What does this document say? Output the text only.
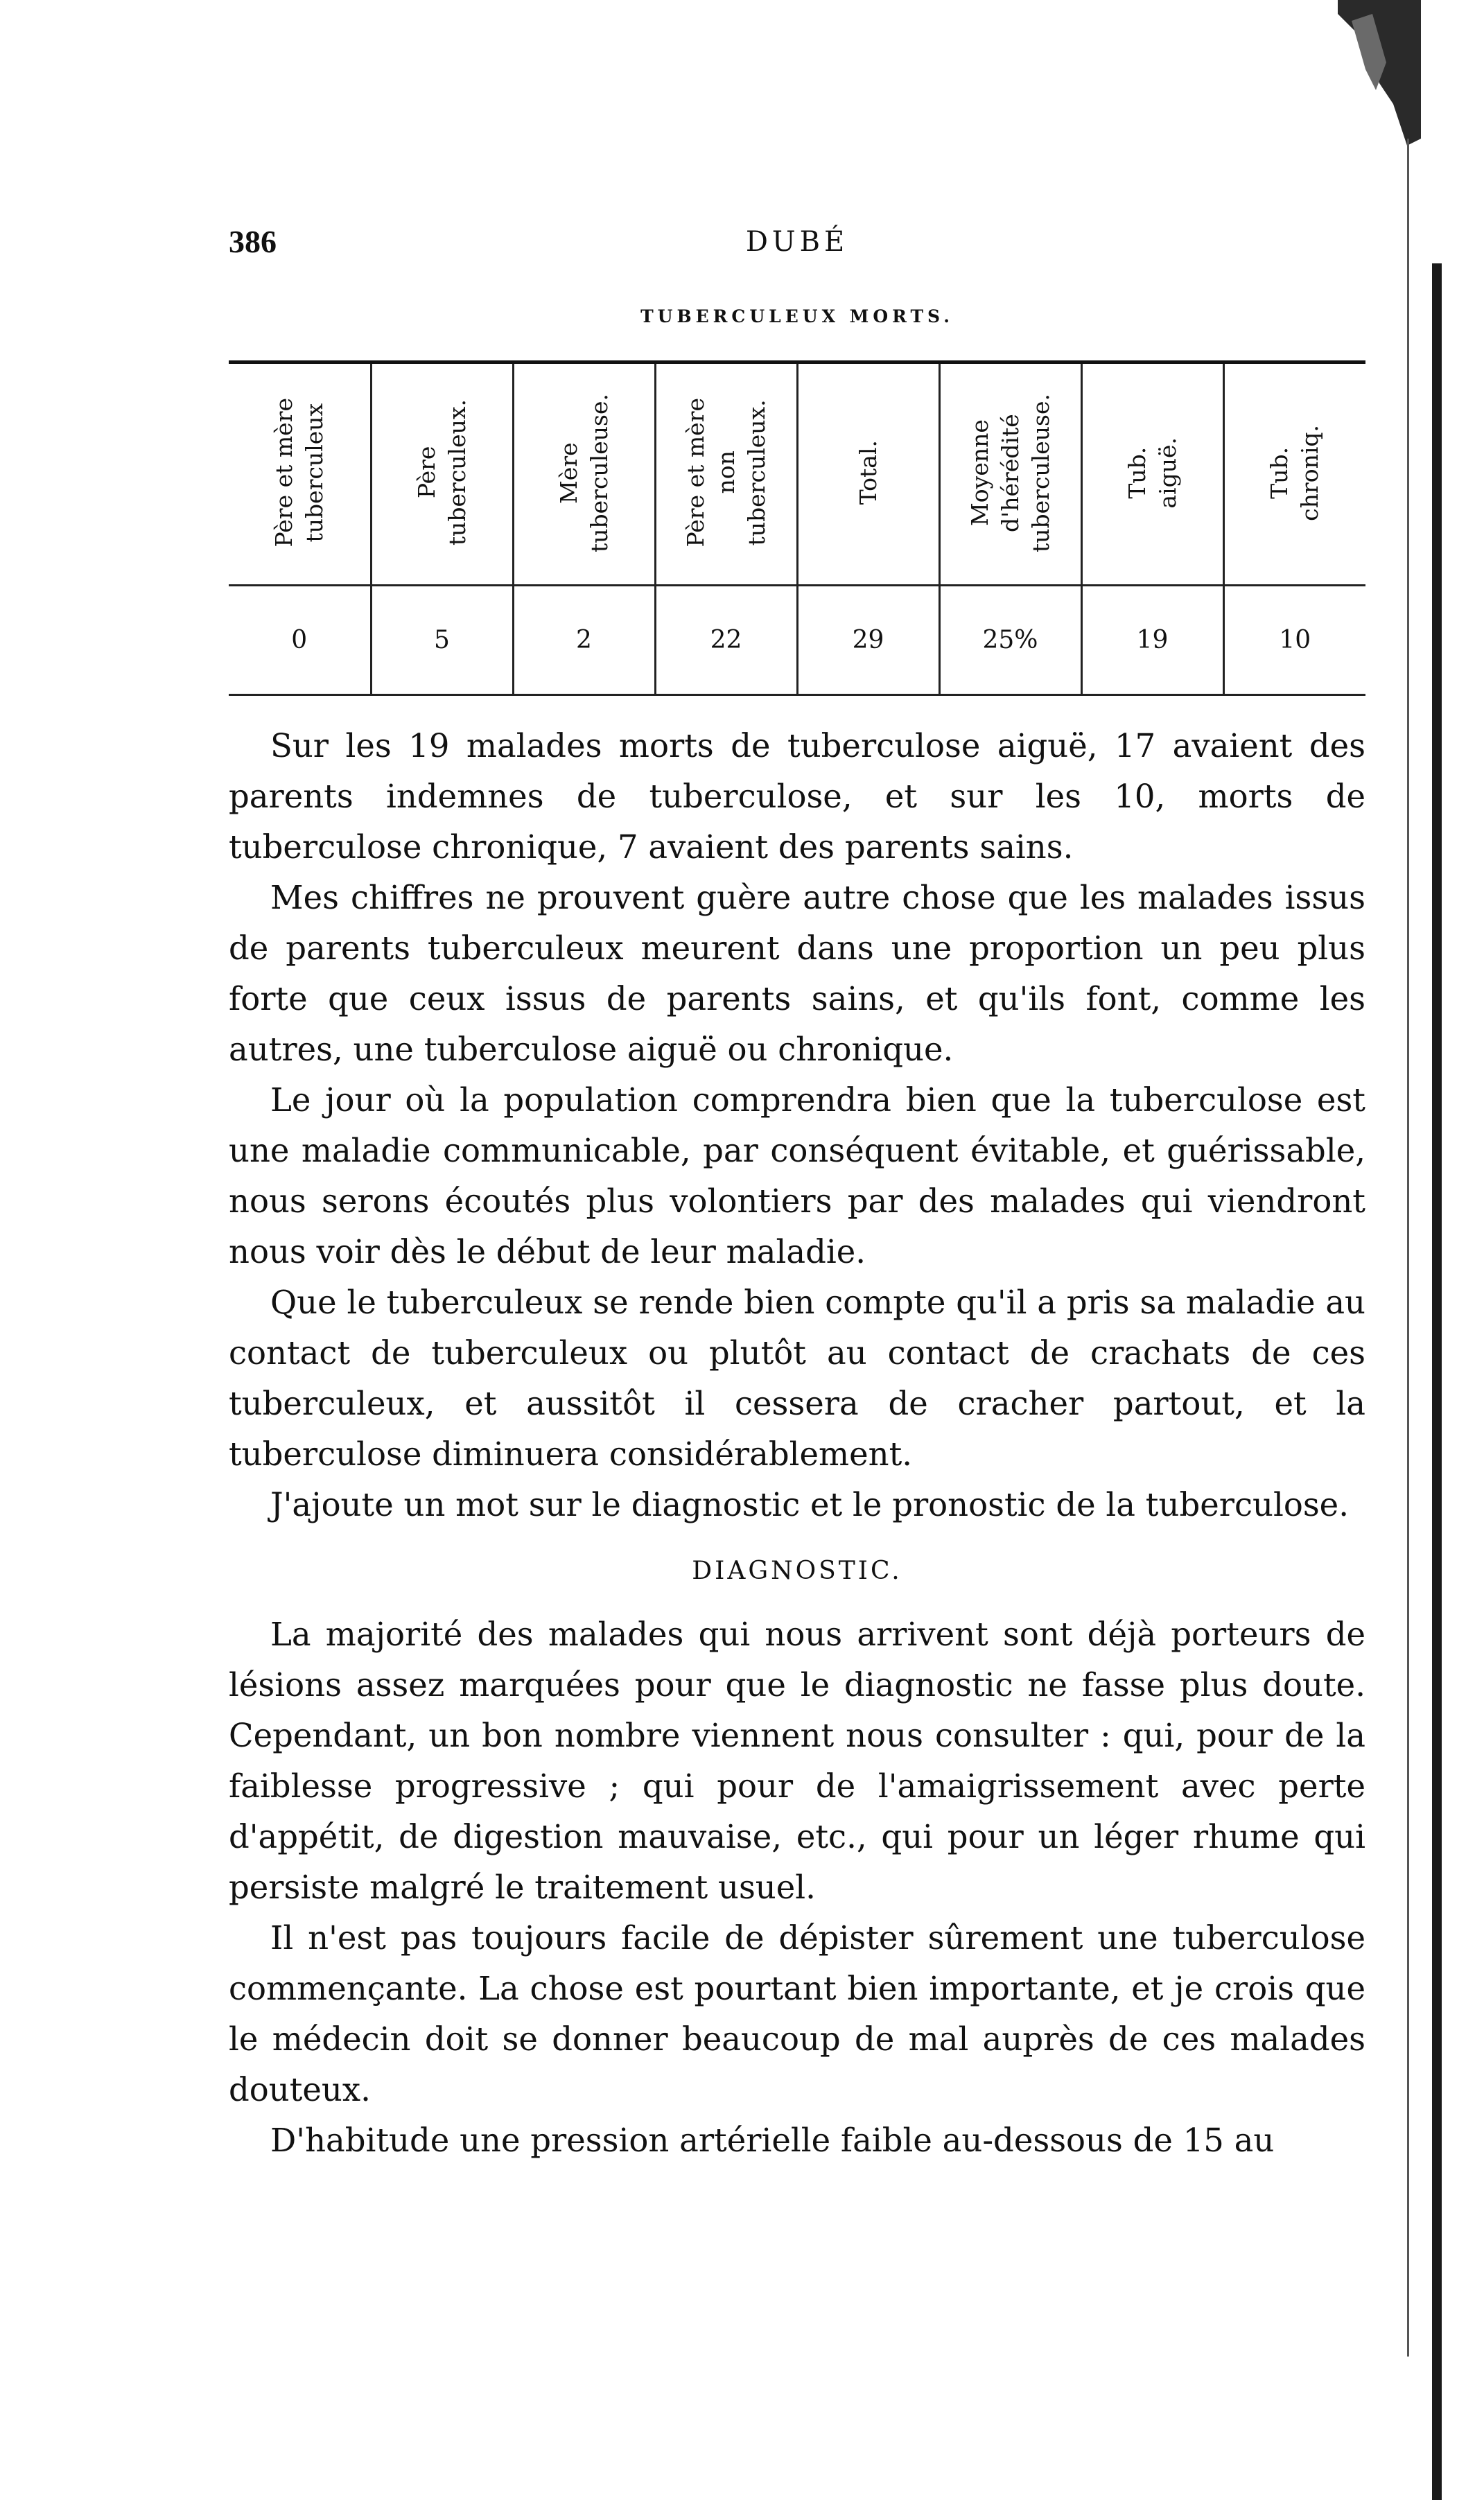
386	DUBÉ
TUBERCULEUX MORTS.
Père et mère tuberculeux	Père tuberculeux.	Mère tuberculeuse.	Père et mère non tuberculeux.	Total.	Moyenne d'hérédité tuberculeuse.	Tub. aiguë.	Tub. chroniq.
0	5	2	22	29	25%	19	10

Sur les 19 malades morts de tuberculose aiguë, 17 avaient des parents indemnes de tuberculose, et sur les 10, morts de tuberculose chronique, 7 avaient des parents sains.

Mes chiffres ne prouvent guère autre chose que les malades issus de parents tuberculeux meurent dans une proportion un peu plus forte que ceux issus de parents sains, et qu'ils font, comme les autres, une tuberculose aiguë ou chronique.

Le jour où la population comprendra bien que la tuberculose est une maladie communicable, par conséquent évitable, et guérissable, nous serons écoutés plus volontiers par des malades qui viendront nous voir dès le début de leur maladie.

Que le tuberculeux se rende bien compte qu'il a pris sa maladie au contact de tuberculeux ou plutôt au contact de crachats de ces tuberculeux, et aussitôt il cessera de cracher partout, et la tuberculose diminuera considérablement.

J'ajoute un mot sur le diagnostic et le pronostic de la tuberculose.

DIAGNOSTIC.

La majorité des malades qui nous arrivent sont déjà porteurs de lésions assez marquées pour que le diagnostic ne fasse plus doute. Cependant, un bon nombre viennent nous consulter : qui, pour de la faiblesse progressive ; qui pour de l'amaigrissement avec perte d'appétit, de digestion mauvaise, etc., qui pour un léger rhume qui persiste malgré le traitement usuel.

Il n'est pas toujours facile de dépister sûrement une tuberculose commençante. La chose est pourtant bien importante, et je crois que le médecin doit se donner beaucoup de mal auprès de ces malades douteux.

D'habitude une pression artérielle faible au-dessous de 15 au
